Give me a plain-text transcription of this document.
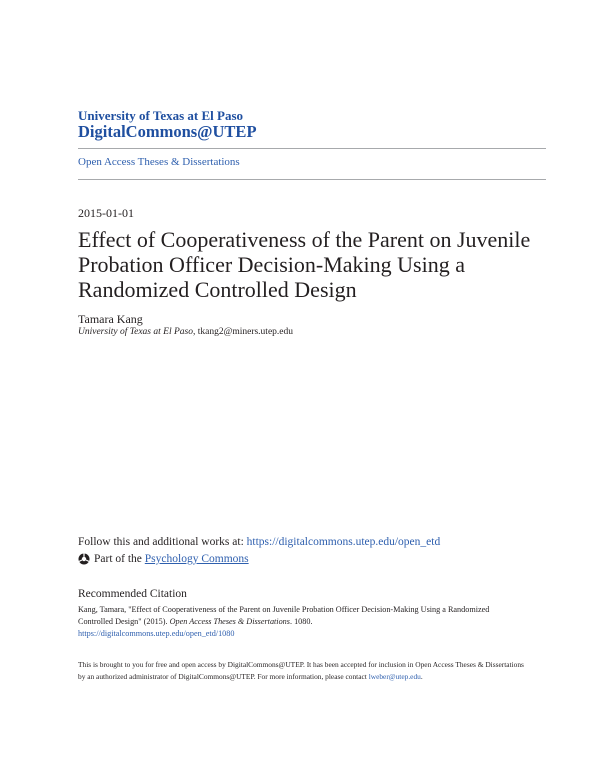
University of Texas at El Paso
DigitalCommons@UTEP
Open Access Theses & Dissertations
2015-01-01
Effect of Cooperativeness of the Parent on Juvenile
Probation Officer Decision-Making Using a
Randomized Controlled Design
Tamara Kang
University of Texas at El Paso, tkang2@miners.utep.edu
Follow this and additional works at: https://digitalcommons.utep.edu/open_etd
Part of the
Psychology Commons
Recommended Citation
Kang, Tamara, "Effect of Cooperativeness of the Parent on Juvenile Probation Officer Decision-Making Using a Randomized
Controlled Design" (2015). Open Access Theses & Dissertations. 1080.
https://digitalcommons.utep.edu/open_etd/1080
This is brought to you for free and open access by DigitalCommons@UTEP. It has been accepted for inclusion in Open Access Theses & Dissertations
by an authorized administrator of DigitalCommons@UTEP. For more information, please contact lweber@utep.edu.
